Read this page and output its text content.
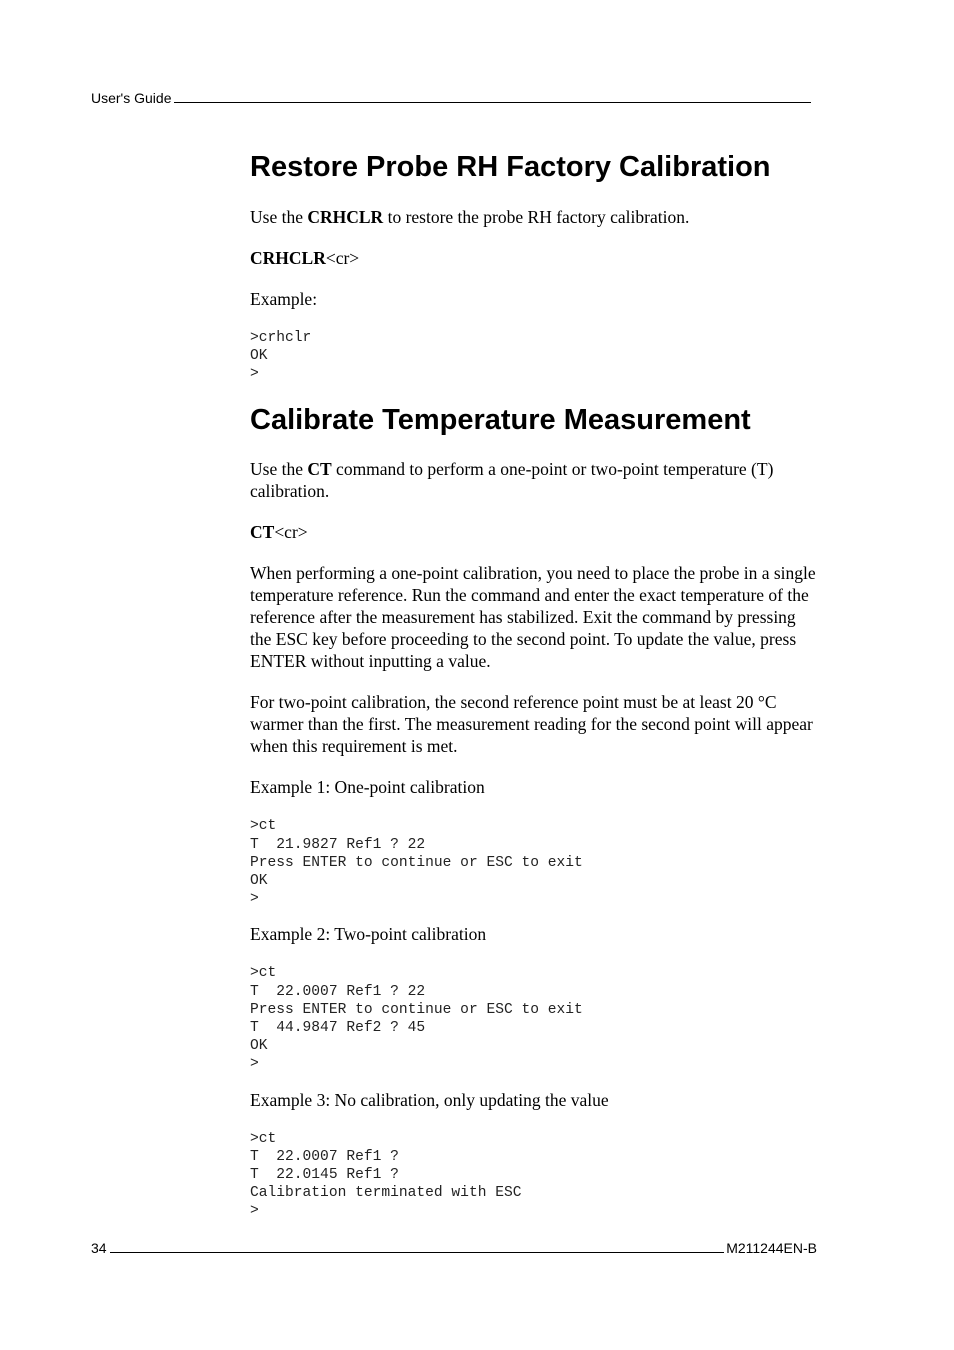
User's Guide
Restore Probe RH Factory Calibration

Use the CRHCLR to restore the probe RH factory calibration.

CRHCLR<cr>

Example:

>crhclr
OK
>
Calibrate Temperature Measurement

Use the CT command to perform a one-point or two-point temperature (T) calibration.

CT<cr>

When performing a one-point calibration, you need to place the probe in a single temperature reference. Run the command and enter the exact temperature of the reference after the measurement has stabilized. Exit the command by pressing the ESC key before proceeding to the second point. To update the value, press ENTER without inputting a value.

For two-point calibration, the second reference point must be at least 20 °C warmer than the first. The measurement reading for the second point will appear when this requirement is met.

Example 1: One-point calibration

>ct
T  21.9827 Ref1 ? 22
Press ENTER to continue or ESC to exit
OK
>

Example 2: Two-point calibration

>ct
T  22.0007 Ref1 ? 22
Press ENTER to continue or ESC to exit
T  44.9847 Ref2 ? 45
OK
>

Example 3: No calibration, only updating the value

>ct
T  22.0007 Ref1 ?
T  22.0145 Ref1 ?
Calibration terminated with ESC
>
34	M211244EN-B
